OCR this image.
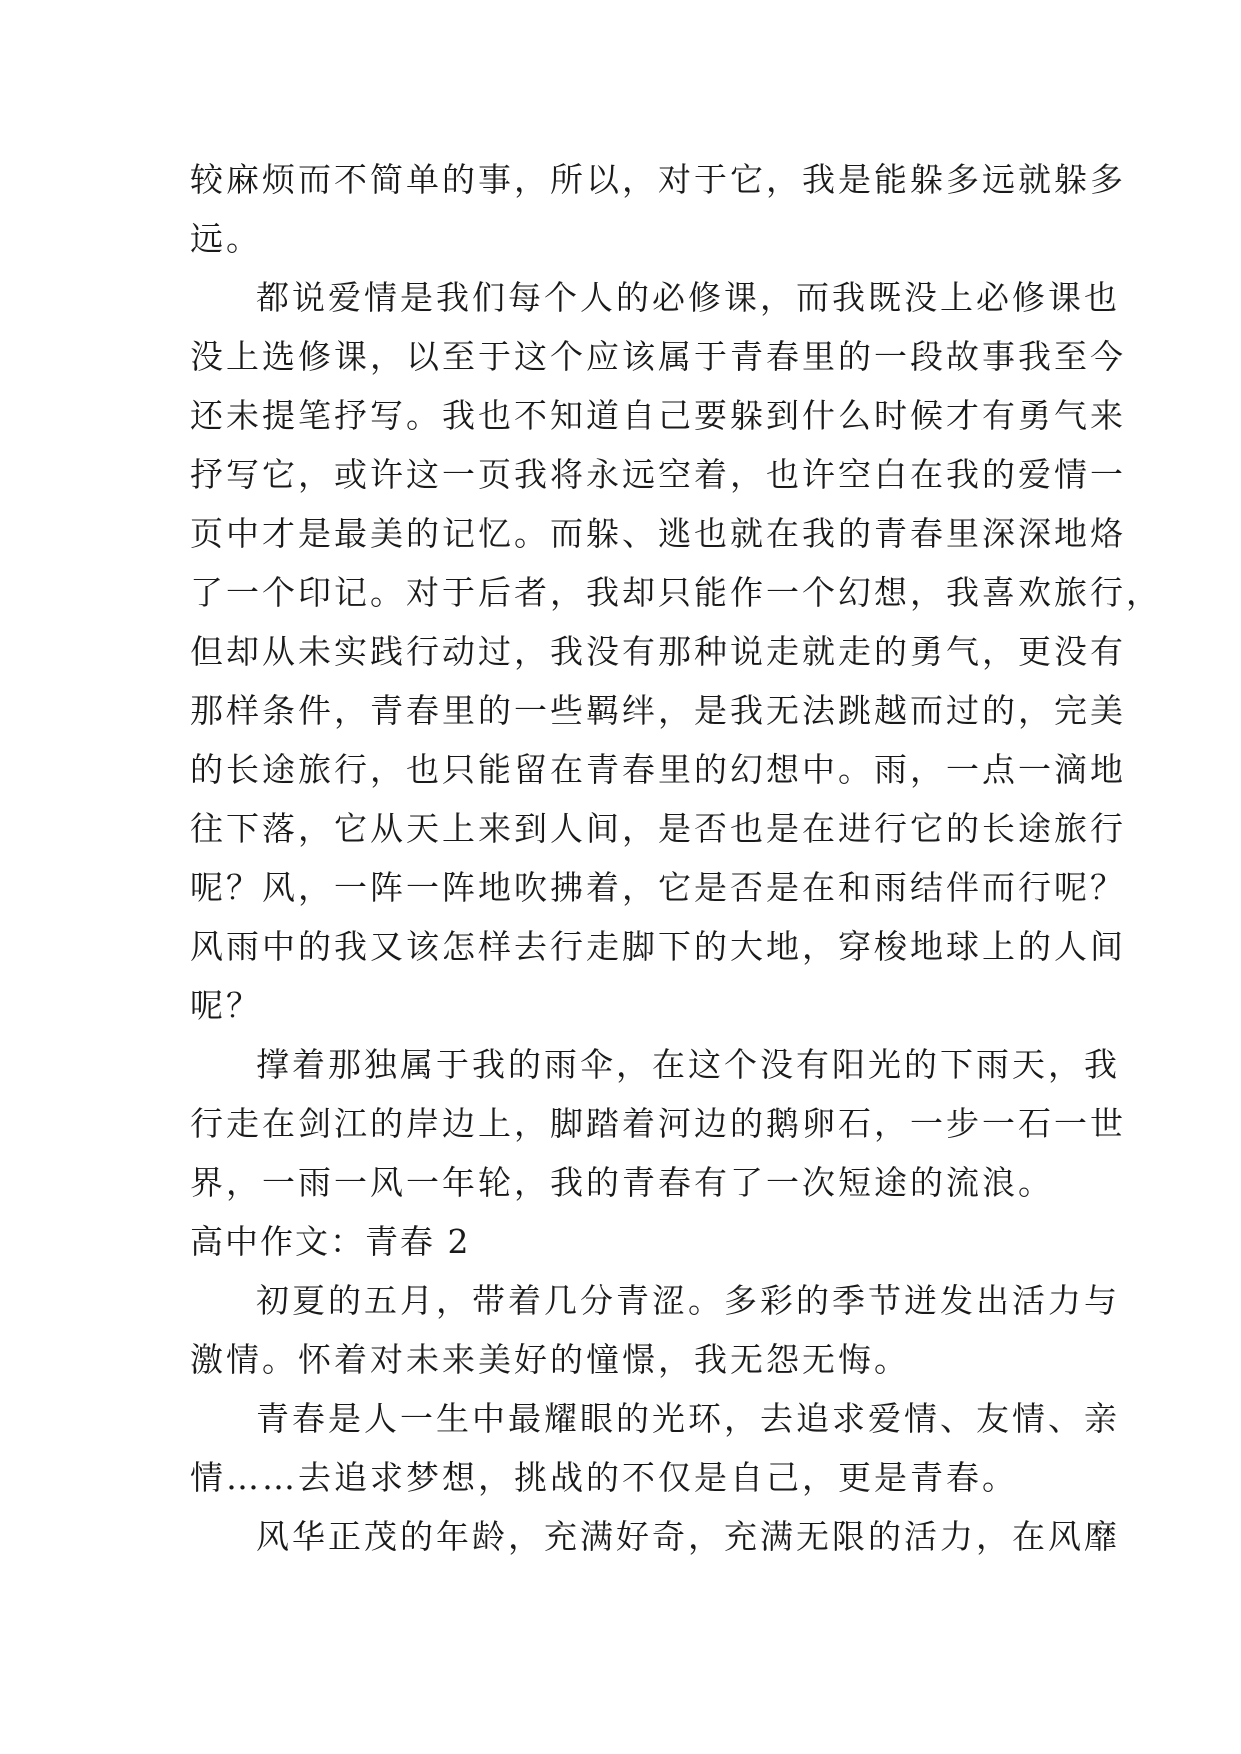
较麻烦而不简单的事，所以，对于它，我是能躲多远就躲多
远。
都说爱情是我们每个人的必修课，而我既没上必修课也
没上选修课，以至于这个应该属于青春里的一段故事我至今
还未提笔抒写。我也不知道自己要躲到什么时候才有勇气来
抒写它，或许这一页我将永远空着，也许空白在我的爱情一
页中才是最美的记忆。而躲、逃也就在我的青春里深深地烙
了一个印记。对于后者，我却只能作一个幻想，我喜欢旅行，
但却从未实践行动过，我没有那种说走就走的勇气，更没有
那样条件，青春里的一些羁绊，是我无法跳越而过的，完美
的长途旅行，也只能留在青春里的幻想中。雨，一点一滴地
往下落，它从天上来到人间，是否也是在进行它的长途旅行
呢？风，一阵一阵地吹拂着，它是否是在和雨结伴而行呢？
风雨中的我又该怎样去行走脚下的大地，穿梭地球上的人间
呢？
撑着那独属于我的雨伞，在这个没有阳光的下雨天，我
行走在剑江的岸边上，脚踏着河边的鹅卵石，一步一石一世
界，一雨一风一年轮，我的青春有了一次短途的流浪。
高中作文：青春 2
初夏的五月，带着几分青涩。多彩的季节迸发出活力与
激情。怀着对未来美好的憧憬，我无怨无悔。
青春是人一生中最耀眼的光环，去追求爱情、友情、亲
情……去追求梦想，挑战的不仅是自己，更是青春。
风华正茂的年龄，充满好奇，充满无限的活力，在风靡
